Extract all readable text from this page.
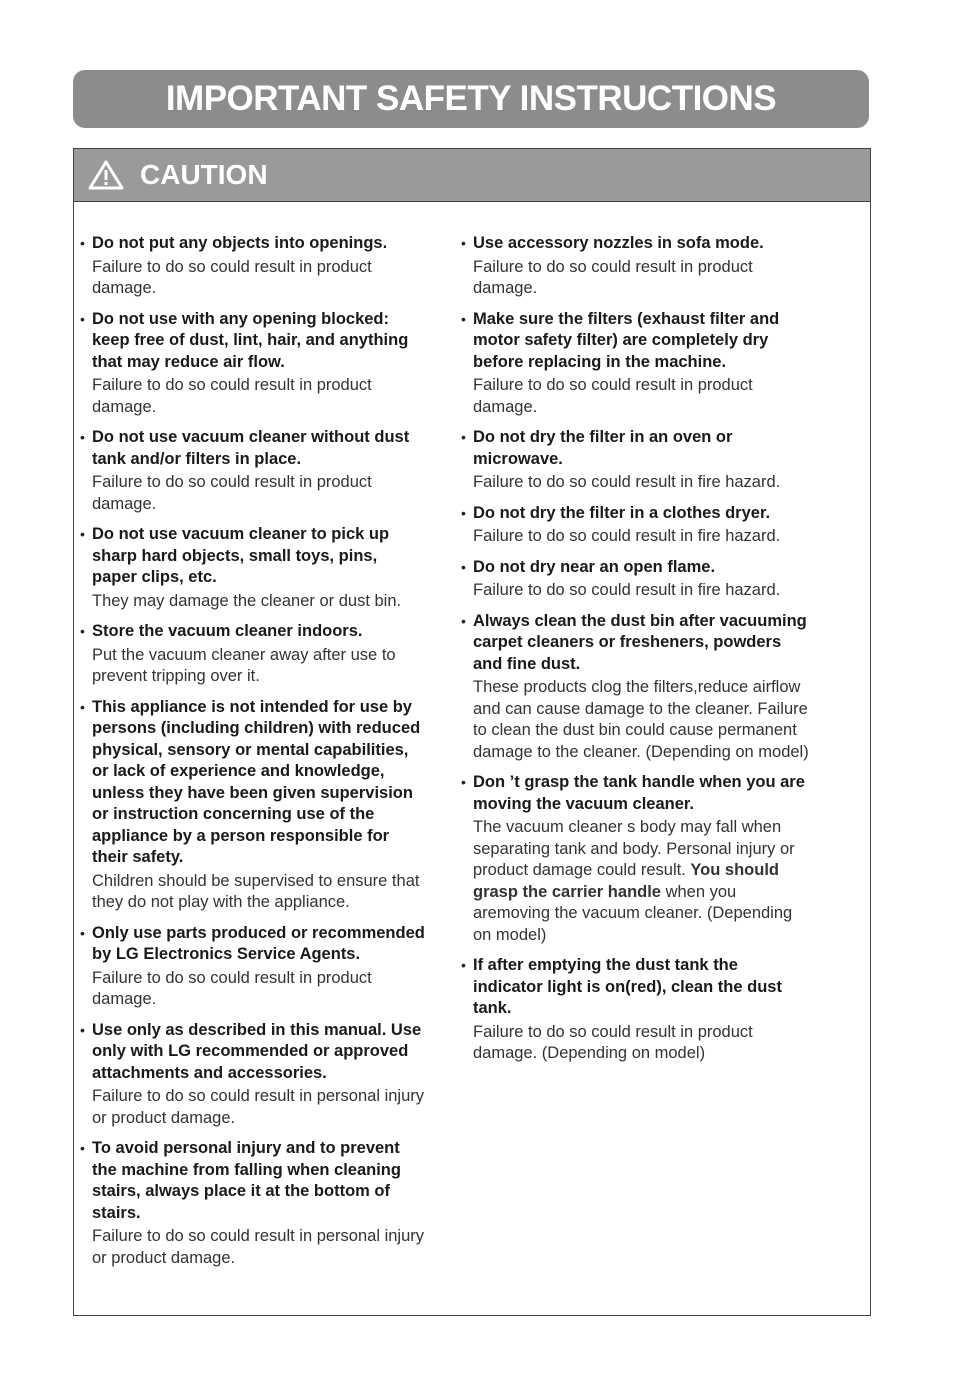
IMPORTANT SAFETY INSTRUCTIONS
CAUTION
• Do not put any objects into openings.
Failure to do so could result in product damage.
• Do not use with any opening blocked: keep free of dust, lint, hair, and anything that may reduce air flow.
Failure to do so could result in product damage.
• Do not use vacuum cleaner without dust tank and/or filters in place.
Failure to do so could result in product damage.
• Do not use vacuum cleaner to pick up sharp hard objects, small toys, pins, paper clips, etc.
They may damage the cleaner or dust bin.
• Store the vacuum cleaner indoors.
Put the vacuum cleaner away after use to prevent tripping over it.
• This appliance is not intended for use by persons (including children) with reduced physical, sensory or mental capabilities, or lack of experience and knowledge, unless they have been given supervision or instruction concerning use of the appliance by a person responsible for their safety.
Children should be supervised to ensure that they do not play with the appliance.
• Only use parts produced or recommended by LG Electronics Service Agents.
Failure to do so could result in product damage.
• Use only as described in this manual. Use only with LG recommended or approved attachments and accessories.
Failure to do so could result in personal injury or product damage.
• To avoid personal injury and to prevent the machine from falling when cleaning stairs, always place it at the bottom of stairs.
Failure to do so could result in personal injury or product damage.
• Use accessory nozzles in sofa mode.
Failure to do so could result in product damage.
• Make sure the filters (exhaust filter and motor safety filter) are completely dry before replacing in the machine.
Failure to do so could result in product damage.
• Do not dry the filter in an oven or microwave.
Failure to do so could result in fire hazard.
• Do not dry the filter in a clothes dryer.
Failure to do so could result in fire hazard.
• Do not dry near an open flame.
Failure to do so could result in fire hazard.
• Always clean the dust bin after vacuuming carpet cleaners or fresheners, powders and fine dust.
These products clog the filters,reduce airflow and can cause damage to the cleaner. Failure to clean the dust bin could cause permanent damage to the cleaner. (Depending on model)
• Don ’t grasp the tank handle when you are moving the vacuum cleaner.
The vacuum cleaner s body may fall when separating tank and body. Personal injury or product damage could result. You should grasp the carrier handle when you aremoving the vacuum cleaner. (Depending on model)
• If after emptying the dust tank the indicator light is on(red), clean the dust tank.
Failure to do so could result in product damage. (Depending on model)
